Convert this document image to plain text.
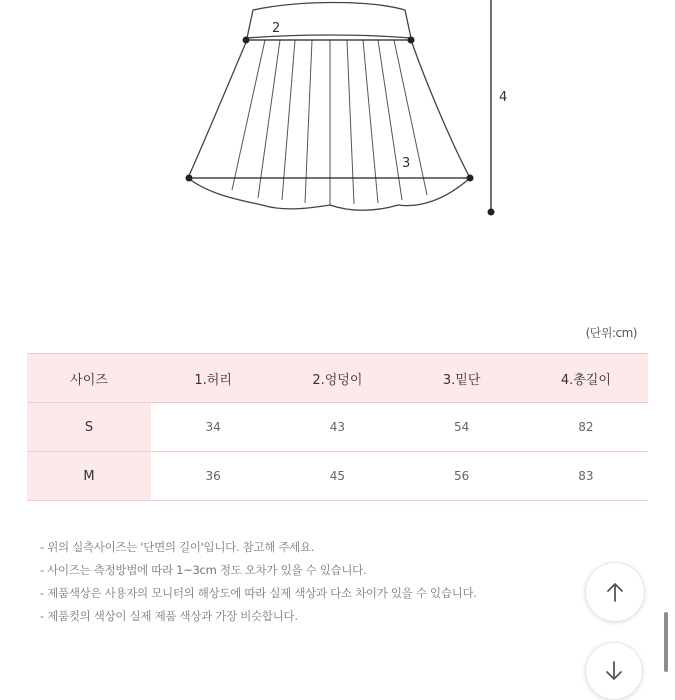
2
3
4
(단위:cm)
사이즈	1.허리	2.엉덩이	3.밑단	4.총길이
S	34	43	54	82
M	36	45	56	83
- 위의 실측사이즈는 '단면의 길이'입니다. 참고해 주세요.
- 사이즈는 측정방법에 따라 1~3cm 정도 오차가 있을 수 있습니다.
- 제품색상은 사용자의 모니터의 해상도에 따라 실제 색상과 다소 차이가 있을 수 있습니다.
- 제품컷의 색상이 실제 제품 색상과 가장 비슷합니다.
